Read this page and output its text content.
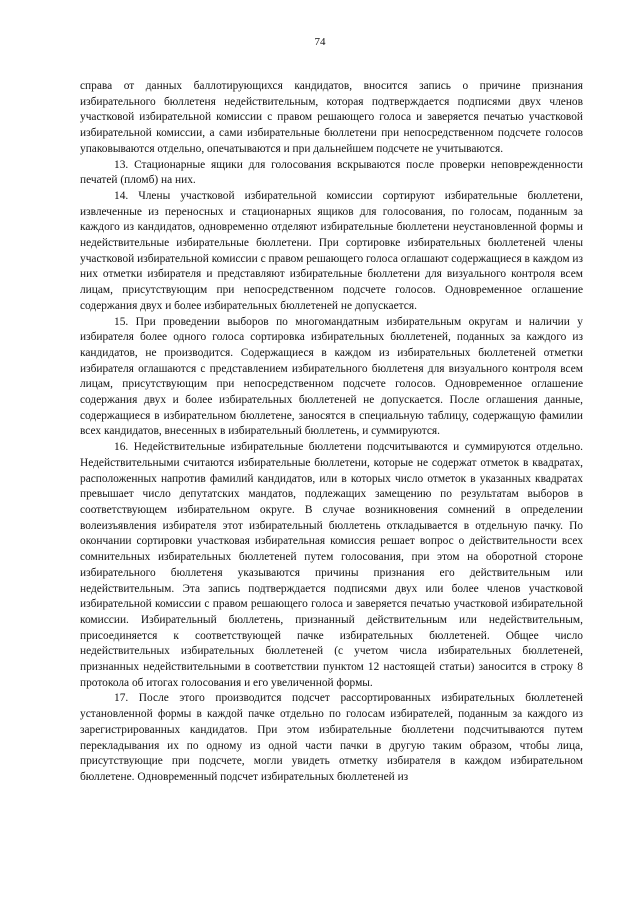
74

справа от данных баллотирующихся кандидатов, вносится запись о причине признания избирательного бюллетеня недействительным, которая подтверждается подписями двух членов участковой избирательной комиссии с правом решающего голоса и заверяется печатью участковой избирательной комиссии, а сами избирательные бюллетени при непосредственном подсчете голосов упаковываются отдельно, опечатываются и при дальнейшем подсчете не учитываются.

13. Стационарные ящики для голосования вскрываются после проверки неповрежденности печатей (пломб) на них.

14. Члены участковой избирательной комиссии сортируют избирательные бюллетени, извлеченные из переносных и стационарных ящиков для голосования, по голосам, поданным за каждого из кандидатов, одновременно отделяют избирательные бюллетени неустановленной формы и недействительные избирательные бюллетени. При сортировке избирательных бюллетеней члены участковой избирательной комиссии с правом решающего голоса оглашают содержащиеся в каждом из них отметки избирателя и представляют избирательные бюллетени для визуального контроля всем лицам, присутствующим при непосредственном подсчете голосов. Одновременное оглашение содержания двух и более избирательных бюллетеней не допускается.

15. При проведении выборов по многомандатным избирательным округам и наличии у избирателя более одного голоса сортировка избирательных бюллетеней, поданных за каждого из кандидатов, не производится. Содержащиеся в каждом из избирательных бюллетеней отметки избирателя оглашаются с представлением избирательного бюллетеня для визуального контроля всем лицам, присутствующим при непосредственном подсчете голосов. Одновременное оглашение содержания двух и более избирательных бюллетеней не допускается. После оглашения данные, содержащиеся в избирательном бюллетене, заносятся в специальную таблицу, содержащую фамилии всех кандидатов, внесенных в избирательный бюллетень, и суммируются.

16. Недействительные избирательные бюллетени подсчитываются и суммируются отдельно. Недействительными считаются избирательные бюллетени, которые не содержат отметок в квадратах, расположенных напротив фамилий кандидатов, или в которых число отметок в указанных квадратах превышает число депутатских мандатов, подлежащих замещению по результатам выборов в соответствующем избирательном округе. В случае возникновения сомнений в определении волеизъявления избирателя этот избирательный бюллетень откладывается в отдельную пачку. По окончании сортировки участковая избирательная комиссия решает вопрос о действительности всех сомнительных избирательных бюллетеней путем голосования, при этом на оборотной стороне избирательного бюллетеня указываются причины признания его действительным или недействительным. Эта запись подтверждается подписями двух или более членов участковой избирательной комиссии с правом решающего голоса и заверяется печатью участковой избирательной комиссии. Избирательный бюллетень, признанный действительным или недействительным, присоединяется к соответствующей пачке избирательных бюллетеней. Общее число недействительных избирательных бюллетеней (с учетом числа избирательных бюллетеней, признанных недействительными в соответствии пунктом 12 настоящей статьи) заносится в строку 8 протокола об итогах голосования и его увеличенной формы.

17. После этого производится подсчет рассортированных избирательных бюллетеней установленной формы в каждой пачке отдельно по голосам избирателей, поданным за каждого из зарегистрированных кандидатов. При этом избирательные бюллетени подсчитываются путем перекладывания их по одному из одной части пачки в другую таким образом, чтобы лица, присутствующие при подсчете, могли увидеть отметку избирателя в каждом избирательном бюллетене. Одновременный подсчет избирательных бюллетеней из
